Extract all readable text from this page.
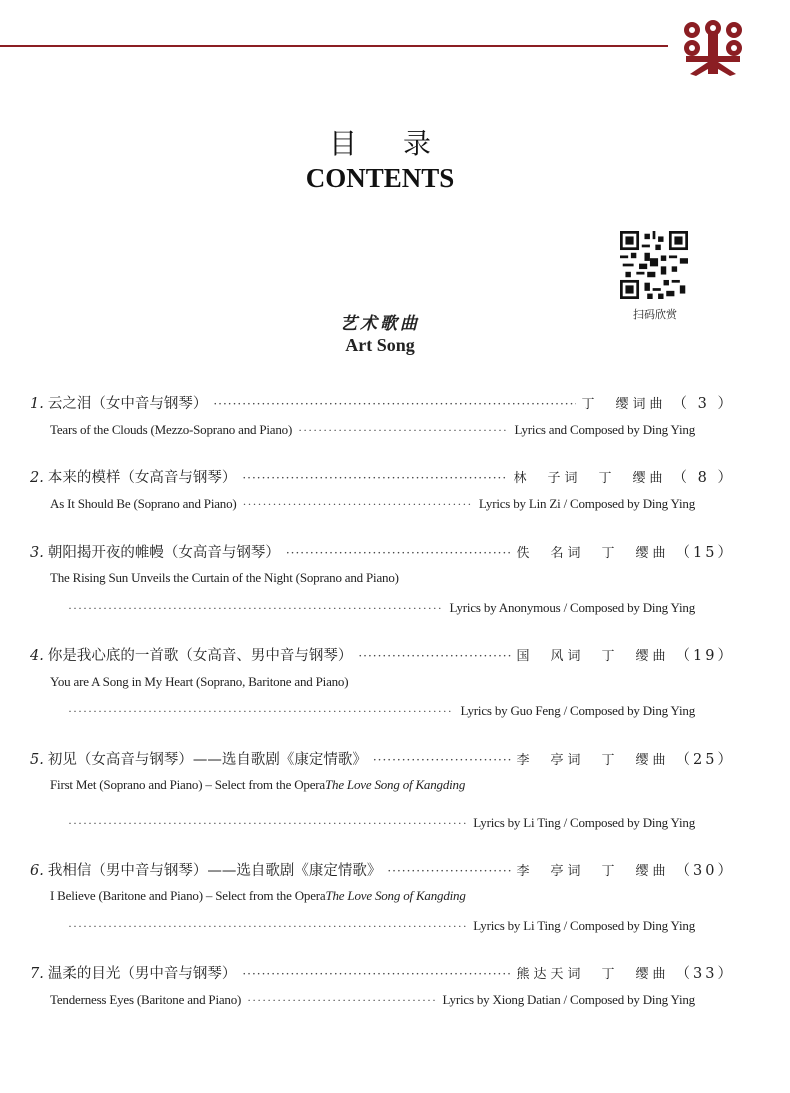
目录
CONTENTS
扫码欣赏
艺术歌曲
Art Song
1. 云之泪（女中音与钢琴） ·····	丁　缨词曲 （ 3 ）
Tears of the Clouds (Mezzo-Soprano and Piano) ·····	Lyrics and Composed by Ding Ying
2. 本来的模样（女高音与钢琴） ·····	林　子词　丁　缨曲 （ 8 ）
As It Should Be (Soprano and Piano) ·····	Lyrics by Lin Zi / Composed by Ding Ying
3. 朝阳揭开夜的帷幔（女高音与钢琴） ·····	佚　名词　丁　缨曲 （15）
The Rising Sun Unveils the Curtain of the Night (Soprano and Piano)
·····
Lyrics by Anonymous / Composed by Ding Ying
4. 你是我心底的一首歌（女高音、男中音与钢琴） ·····	国　风词　丁　缨曲 （19）
You are A Song in My Heart (Soprano, Baritone and Piano)
·····
Lyrics by Guo Feng / Composed by Ding Ying
5. 初见（女高音与钢琴）——选自歌剧《康定情歌》 ·····	李　亭词　丁　缨曲 （25）
First Met (Soprano and Piano) – Select from the Opera The Love Song of Kangding
·····
Lyrics by Li Ting / Composed by Ding Ying
6. 我相信（男中音与钢琴）——选自歌剧《康定情歌》 ·····	李　亭词　丁　缨曲 （30）
I Believe (Baritone and Piano) – Select from the Opera The Love Song of Kangding
·····
Lyrics by Li Ting / Composed by Ding Ying
7. 温柔的目光（男中音与钢琴） ·····	熊达天词　丁　缨曲 （33）
Tenderness Eyes (Baritone and Piano) ·····	Lyrics by Xiong Datian / Composed by Ding Ying
